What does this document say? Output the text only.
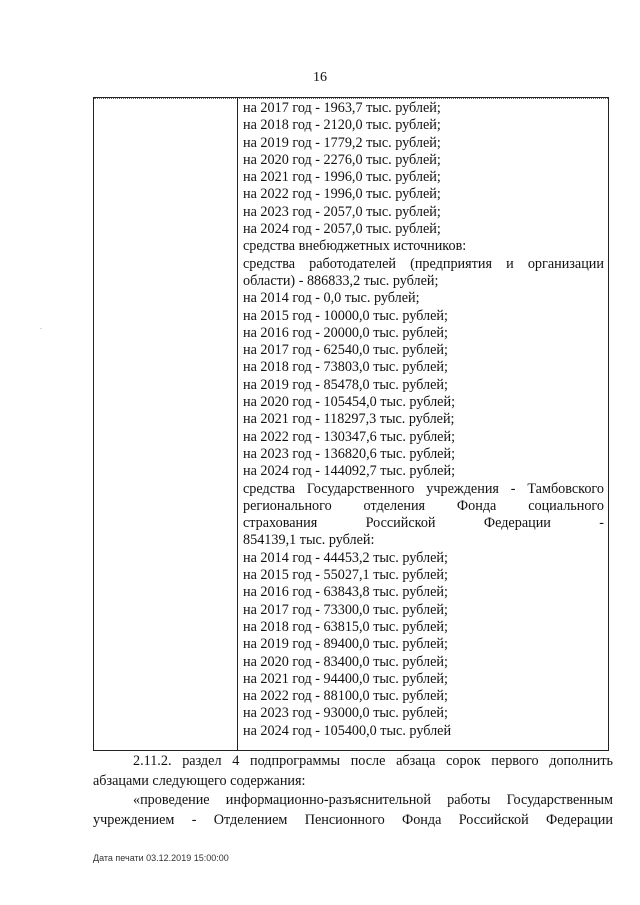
16
.
на 2017 год - 1963,7 тыс. рублей;
на 2018 год - 2120,0 тыс. рублей;
на 2019 год - 1779,2 тыс. рублей;
на 2020 год - 2276,0 тыс. рублей;
на 2021 год - 1996,0 тыс. рублей;
на 2022 год - 1996,0 тыс. рублей;
на 2023 год - 2057,0 тыс. рублей;
на 2024 год - 2057,0 тыс. рублей;
средства внебюджетных источников:
средства работодателей (предприятия и организации
области) - 886833,2 тыс. рублей;
на 2014 год - 0,0 тыс. рублей;
на 2015 год - 10000,0 тыс. рублей;
на 2016 год - 20000,0 тыс. рублей;
на 2017 год - 62540,0 тыс. рублей;
на 2018 год - 73803,0 тыс. рублей;
на 2019 год - 85478,0 тыс. рублей;
на 2020 год - 105454,0 тыс. рублей;
на 2021 год - 118297,3 тыс. рублей;
на 2022 год - 130347,6 тыс. рублей;
на 2023 год - 136820,6 тыс. рублей;
на 2024 год - 144092,7 тыс. рублей;
средства Государственного учреждения - Тамбовского
регионального отделения Фонда социального
страхования Российской Федерации -
854139,1 тыс. рублей:
на 2014 год - 44453,2 тыс. рублей;
на 2015 год - 55027,1 тыс. рублей;
на 2016 год - 63843,8 тыс. рублей;
на 2017 год - 73300,0 тыс. рублей;
на 2018 год - 63815,0 тыс. рублей;
на 2019 год - 89400,0 тыс. рублей;
на 2020 год - 83400,0 тыс. рублей;
на 2021 год - 94400,0 тыс. рублей;
на 2022 год - 88100,0 тыс. рублей;
на 2023 год - 93000,0 тыс. рублей;
на 2024 год - 105400,0 тыс. рублей
2.11.2. раздел 4 подпрограммы после абзаца сорок первого дополнить абзацами следующего содержания:
«проведение информационно-разъяснительной работы Государственным учреждением - Отделением Пенсионного Фонда Российской Федерации
Дата печати 03.12.2019 15:00:00
